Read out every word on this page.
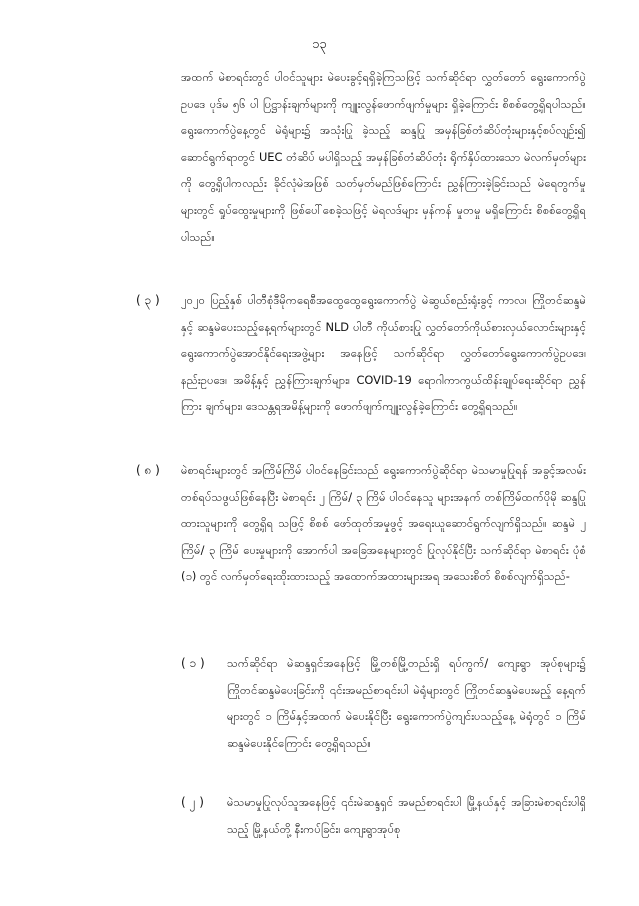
၁၃
အထက် မဲစာရင်းတွင် ပါဝင်သူများ မဲပေးခွင့်ရရှိခဲ့ကြသဖြင့် သက်ဆိုင်ရာ လွှတ်တော် ရွေးကောက်ပွဲဥပဒေ ပုဒ်မ ၅၆ ပါ ပြဋ္ဌာန်းချက်များကို ကျူးလွန်ဖောက်ဖျက်မှုများ ရှိခဲ့ကြောင်း စိစစ်တွေ့ရှိရပါသည်။ ရွေးကောက်ပွဲနေ့တွင် မဲရုံများ၌ အသုံးပြု ခဲ့သည့် ဆန္ဒပြု အမှန်ခြစ်တံဆိပ်တုံးများနှင့်စပ်လျဉ်း၍ ဆောင်ရွက်ရာတွင် UEC တံဆိပ် မပါရှိသည့် အမှန်ခြစ်တံဆိပ်တုံး ရိုက်နှိပ်ထားသော မဲလက်မှတ်များကို တွေ့ရှိပါကလည်း ခိုင်လုံမဲအဖြစ် သတ်မှတ်မည်ဖြစ်ကြောင်း ညွှန်ကြားခဲ့ခြင်းသည် မဲရေတွက်မှုများတွင် ရှုပ်ထွေးမှုများကို ဖြစ်ပေါ်စေခဲ့သဖြင့် မဲရလဒ်များ မှန်ကန် မှုတမှု မရှိကြောင်း စိစစ်တွေ့ရှိရပါသည်။
( ၃ ) ၂၀၂၀ ပြည့်နှစ် ပါတီစုံဒီမိုကရေစီအထွေထွေရွေးကောက်ပွဲ မဲဆွယ်စည်းရုံးခွင့် ကာလ၊ ကြိုတင်ဆန္ဒမဲနှင့် ဆန္ဒမဲပေးသည့်နေ့ရက်များတွင် NLD ပါတီ ကိုယ်စားပြု လွှတ်တော်ကိုယ်စားလှယ်လောင်းများနှင့် ရွေးကောက်ပွဲအောင်နိုင်ရေးအဖွဲ့များ အနေဖြင့် သက်ဆိုင်ရာ လွှတ်တော်ရွေးကောက်ပွဲဥပဒေ၊ နည်းဥပဒေ၊ အမိန့်နှင့် ညွှန်ကြားချက်များ၊ COVID-19 ရောဂါကာကွယ်ထိန်းချုပ်ရေးဆိုင်ရာ ညွှန်ကြား ချက်များ၊ ဒေသန္တရအမိန့်များကို ဖောက်ဖျက်ကျူးလွန်ခဲ့ကြောင်း တွေ့ရှိရသည်။
( ၈ ) မဲစာရင်းများတွင် အကြိမ်ကြိမ် ပါဝင်နေခြင်းသည် ရွေးကောက်ပွဲဆိုင်ရာ မဲသမာမှုပြုရန် အခွင့်အလမ်းတစ်ရပ်သဖွယ်ဖြစ်နေပြီး မဲစာရင်း ၂ ကြိမ်/ ၃ ကြိမ် ပါဝင်နေသူ များအနက် တစ်ကြိမ်ထက်ပိုမို ဆန္ဒပြုထားသူများကို တွေ့ရှိရ သဖြင့် စိစစ် ဖော်ထုတ်အမှုဖွင့် အရေးယူဆောင်ရွက်လျက်ရှိသည်။ ဆန္ဒမဲ ၂ ကြိမ်/ ၃ ကြိမ် ပေးမှုများကို အောက်ပါ အခြေအနေများတွင် ပြုလုပ်နိုင်ပြီး သက်ဆိုင်ရာ မဲစာရင်း ပုံစံ (၁) တွင် လက်မှတ်ရေးထိုးထားသည့် အထောက်အထားများအရ အသေးစိတ် စိစစ်လျက်ရှိသည်-
( ၁ ) သက်ဆိုင်ရာ မဲဆန္ဒရှင်အနေဖြင့် မြို့တစ်မြို့တည်းရှိ ရပ်ကွက်/ ကျေးရွာ အုပ်စုများ၌ ကြိုတင်ဆန္ဒမဲပေးခြင်းကို ၎င်းအမည်စာရင်းပါ မဲရုံများတွင် ကြိုတင်ဆန္ဒမဲပေးမည့် နေ့ရက်များတွင် ၁ ကြိမ်နှင့်အထက် မဲပေးနိုင်ပြီး ရွေးကောက်ပွဲကျင်းပသည့်နေ့ မဲရုံတွင် ၁ ကြိမ် ဆန္ဒမဲပေးနိုင်ကြောင်း တွေ့ရှိရသည်။
( ၂ ) မဲသမာမှုပြုလုပ်သူအနေဖြင့် ၎င်းမဲဆန္ဒရှင် အမည်စာရင်းပါ မြို့နယ်နှင့် အခြားမဲစာရင်းပါရှိသည့် မြို့နယ်တို့ နီးကပ်ခြင်း၊ ကျေးရွာအုပ်စု
